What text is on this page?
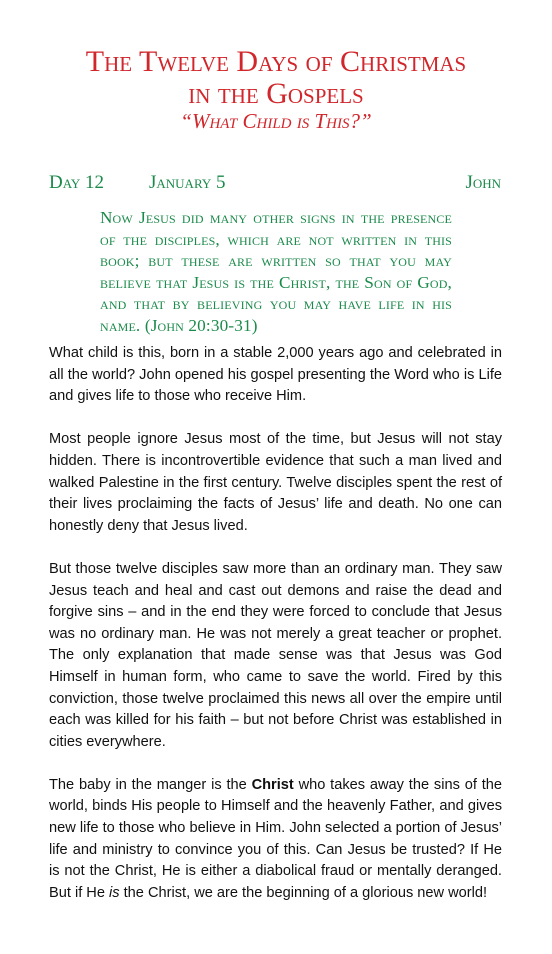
The Twelve Days of Christmas
in the Gospels
“What Child is This?”
Day 12 January 5	John
Now Jesus did many other signs in the presence of the disciples, which are not written in this book; but these are written so that you may believe that Jesus is the Christ, the Son of God, and that by believing you may have life in his name. (John 20:30-31)

What child is this, born in a stable 2,000 years ago and celebrated in all the world? John opened his gospel presenting the Word who is Life and gives life to those who receive Him.

Most people ignore Jesus most of the time, but Jesus will not stay hidden. There is incontrovertible evidence that such a man lived and walked Palestine in the first century. Twelve disciples spent the rest of their lives proclaiming the facts of Jesus’ life and death. No one can honestly deny that Jesus lived.

But those twelve disciples saw more than an ordinary man. They saw Jesus teach and heal and cast out demons and raise the dead and forgive sins – and in the end they were forced to conclude that Jesus was no ordinary man. He was not merely a great teacher or prophet. The only explanation that made sense was that Jesus was God Himself in human form, who came to save the world. Fired by this conviction, those twelve proclaimed this news all over the empire until each was killed for his faith – but not before Christ was established in cities everywhere.

The baby in the manger is the Christ who takes away the sins of the world, binds His people to Himself and the heavenly Father, and gives new life to those who believe in Him. John selected a portion of Jesus’ life and ministry to convince you of this. Can Jesus be trusted? If He is not the Christ, He is either a diabolical fraud or mentally deranged. But if He is the Christ, we are the beginning of a glorious new world!
